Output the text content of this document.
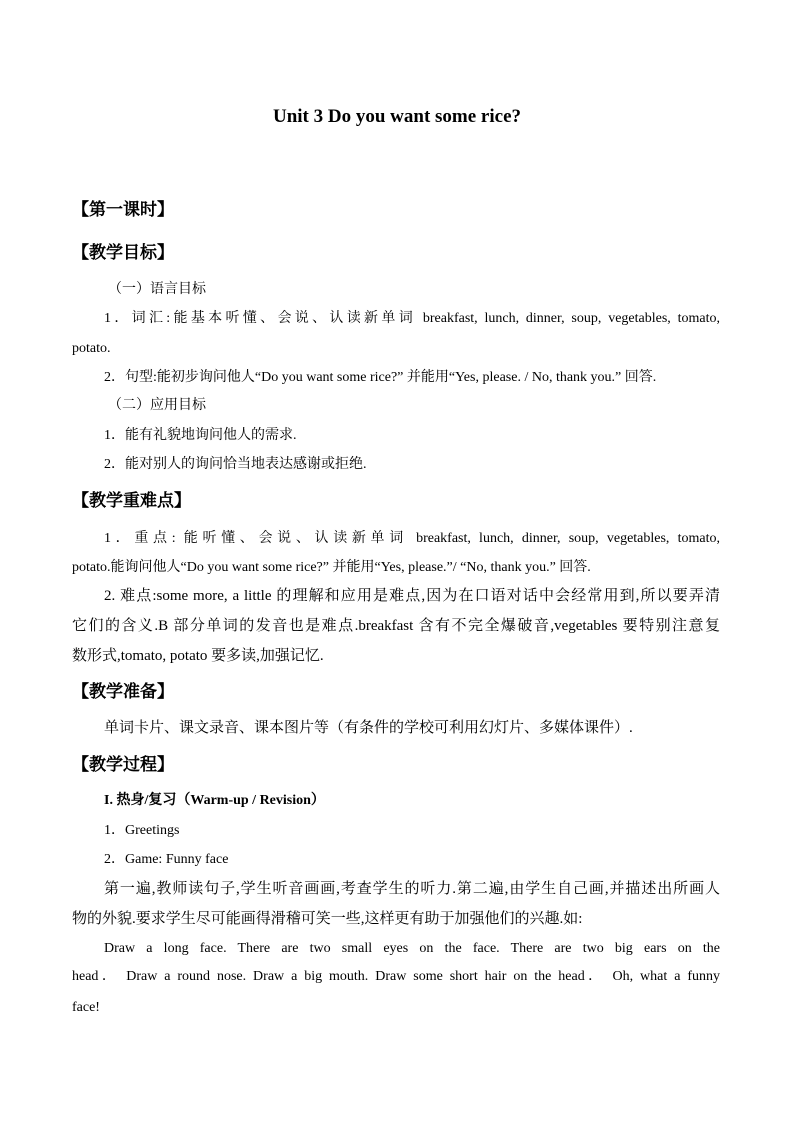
Unit 3 Do you want some rice?
【第一课时】
【教学目标】
（一）语言目标
1．词汇:能基本听懂、会说、认读新单词 breakfast, lunch, dinner, soup, vegetables, tomato,
potato.
2．句型:能初步询问他人“Do you want some rice?” 并能用“Yes, please. / No, thank you.” 回答.
（二）应用目标
1．能有礼貌地询问他人的需求.
2．能对别人的询问恰当地表达感谢或拒绝.
【教学重难点】
1．重点: 能听懂、会说、认读新单词 breakfast, lunch, dinner, soup, vegetables, tomato,
potato.能询问他人“Do you want some rice?” 并能用“Yes, please.”/ “No, thank you.” 回答.
2. 难点:some more, a little 的理解和应用是难点,因为在口语对话中会经常用到,所以要弄清
它们的含义.B 部分单词的发音也是难点.breakfast 含有不完全爆破音,vegetables 要特别注意复
数形式,tomato, potato 要多读,加强记忆.
【教学准备】
单词卡片、课文录音、课本图片等（有条件的学校可利用幻灯片、多媒体课件）.
【教学过程】
I. 热身/复习（Warm-up / Revision）
1．Greetings
2．Game: Funny face
第一遍,教师读句子,学生听音画画,考查学生的听力.第二遍,由学生自己画,并描述出所画人
物的外貌.要求学生尽可能画得滑稽可笑一些,这样更有助于加强他们的兴趣.如:
Draw a long face. There are two small eyes on the face. There are two big ears on the
head． Draw a round nose. Draw a big mouth. Draw some short hair on the head． Oh, what a funny
face!
